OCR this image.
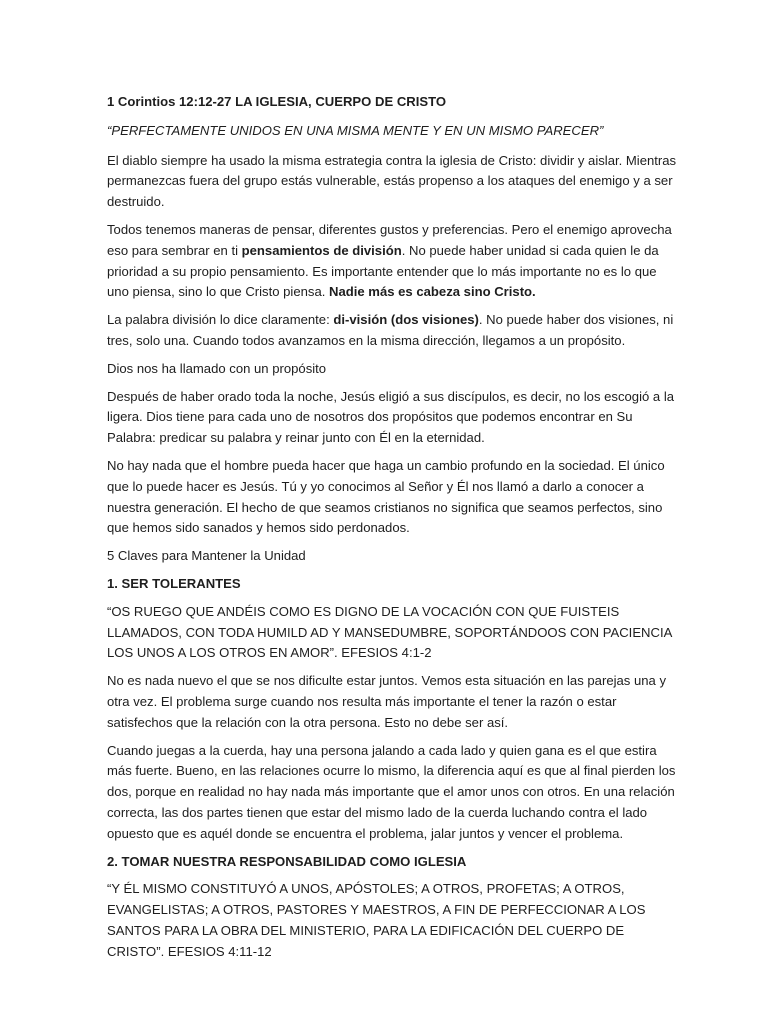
1 Corintios 12:12-27 LA IGLESIA, CUERPO DE CRISTO

“PERFECTAMENTE UNIDOS EN UNA MISMA MENTE Y EN UN MISMO PARECER”

El diablo siempre ha usado la misma estrategia contra la iglesia de Cristo: dividir y aislar. Mientras permanezcas fuera del grupo estás vulnerable, estás propenso a los ataques del enemigo y a ser destruido.

Todos tenemos maneras de pensar, diferentes gustos y preferencias. Pero el enemigo aprovecha eso para sembrar en ti pensamientos de división. No puede haber unidad si cada quien le da prioridad a su propio pensamiento. Es importante entender que lo más importante no es lo que uno piensa, sino lo que Cristo piensa. Nadie más es cabeza sino Cristo.

La palabra división lo dice claramente: di-visión (dos visiones). No puede haber dos visiones, ni tres, solo una. Cuando todos avanzamos en la misma dirección, llegamos a un propósito.

Dios nos ha llamado con un propósito

Después de haber orado toda la noche, Jesús eligió a sus discípulos, es decir, no los escogió a la ligera. Dios tiene para cada uno de nosotros dos propósitos que podemos encontrar en Su Palabra: predicar su palabra y reinar junto con Él en la eternidad.

No hay nada que el hombre pueda hacer que haga un cambio profundo en la sociedad. El único que lo puede hacer es Jesús. Tú y yo conocimos al Señor y Él nos llamó a darlo a conocer a nuestra generación. El hecho de que seamos cristianos no significa que seamos perfectos, sino que hemos sido sanados y hemos sido perdonados.

5 Claves para Mantener la Unidad

1. SER TOLERANTES

“OS RUEGO QUE ANDÉIS COMO ES DIGNO DE LA VOCACIÓN CON QUE FUISTEIS LLAMADOS, CON TODA HUMILD AD Y MANSEDUMBRE, SOPORTÁNDOOS CON PACIENCIA LOS UNOS A LOS OTROS EN AMOR”. EFESIOS 4:1-2

No es nada nuevo el que se nos dificulte estar juntos. Vemos esta situación en las parejas una y otra vez. El problema surge cuando nos resulta más importante el tener la razón o estar satisfechos que la relación con la otra persona. Esto no debe ser así.

Cuando juegas a la cuerda, hay una persona jalando a cada lado y quien gana es el que estira más fuerte. Bueno, en las relaciones ocurre lo mismo, la diferencia aquí es que al final pierden los dos, porque en realidad no hay nada más importante que el amor unos con otros. En una relación correcta, las dos partes tienen que estar del mismo lado de la cuerda luchando contra el lado opuesto que es aquél donde se encuentra el problema, jalar juntos y vencer el problema.

2. TOMAR NUESTRA RESPONSABILIDAD COMO IGLESIA

“Y ÉL MISMO CONSTITUYÓ A UNOS, APÓSTOLES; A OTROS, PROFETAS; A OTROS, EVANGELISTAS; A OTROS, PASTORES Y MAESTROS, A FIN DE PERFECCIONAR A LOS SANTOS PARA LA OBRA DEL MINISTERIO, PARA LA EDIFICACIÓN DEL CUERPO DE CRISTO”. EFESIOS 4:11-12
